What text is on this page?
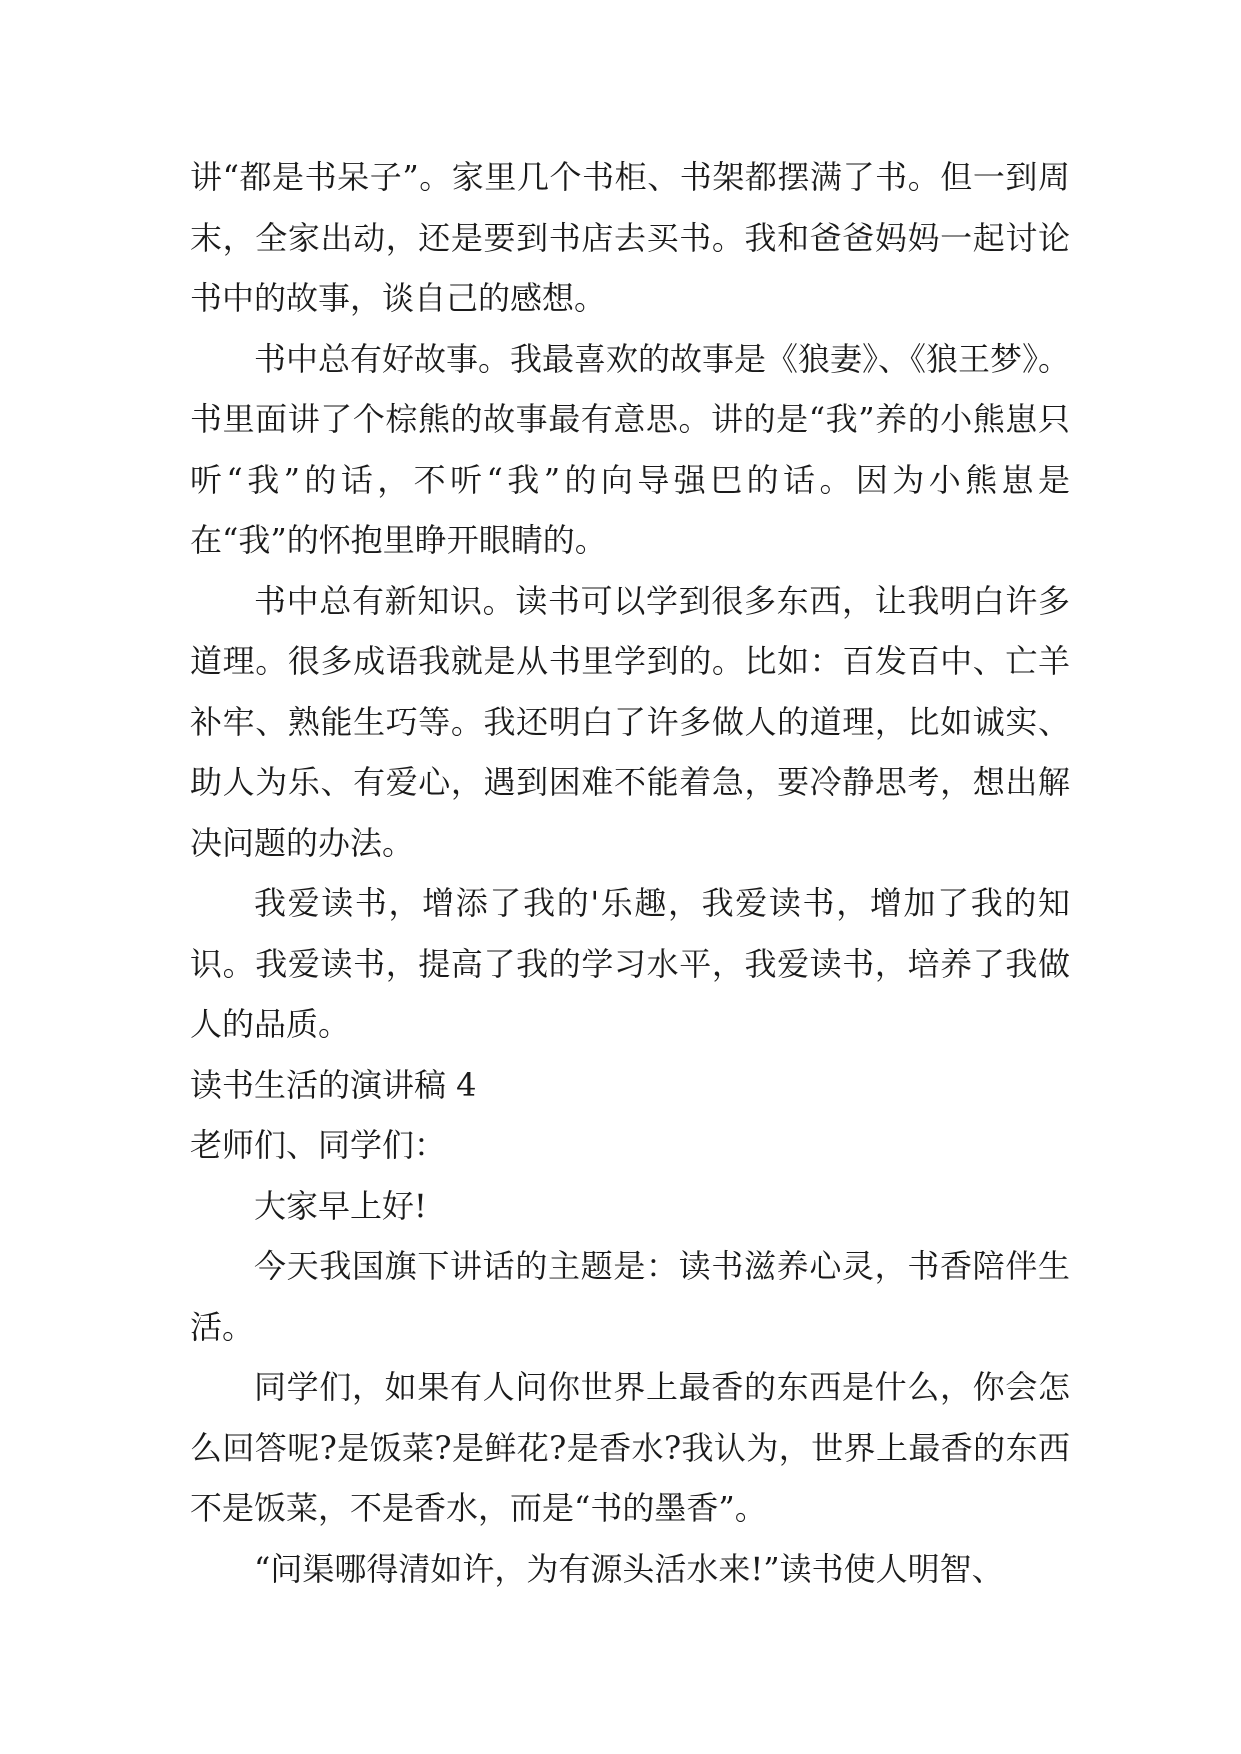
讲“都是书呆子”。家里几个书柜、书架都摆满了书。但一到周末，全家出动，还是要到书店去买书。我和爸爸妈妈一起讨论书中的故事，谈自己的感想。

书中总有好故事。我最喜欢的故事是《狼妻》、《狼王梦》。书里面讲了个棕熊的故事最有意思。讲的是“我”养的小熊崽只听“我”的话，不听“我”的向导强巴的话。因为小熊崽是在“我”的怀抱里睁开眼睛的。

书中总有新知识。读书可以学到很多东西，让我明白许多道理。很多成语我就是从书里学到的。比如：百发百中、亡羊补牢、熟能生巧等。我还明白了许多做人的道理，比如诚实、助人为乐、有爱心，遇到困难不能着急，要冷静思考，想出解决问题的办法。

我爱读书，增添了我的'乐趣，我爱读书，增加了我的知识。我爱读书，提高了我的学习水平，我爱读书，培养了我做人的品质。

读书生活的演讲稿 4

老师们、同学们：

大家早上好!

今天我国旗下讲话的主题是：读书滋养心灵，书香陪伴生活。

同学们，如果有人问你世界上最香的东西是什么，你会怎么回答呢?是饭菜?是鲜花?是香水?我认为，世界上最香的东西不是饭菜，不是香水，而是“书的墨香”。

“问渠哪得清如许，为有源头活水来!”读书使人明智、
